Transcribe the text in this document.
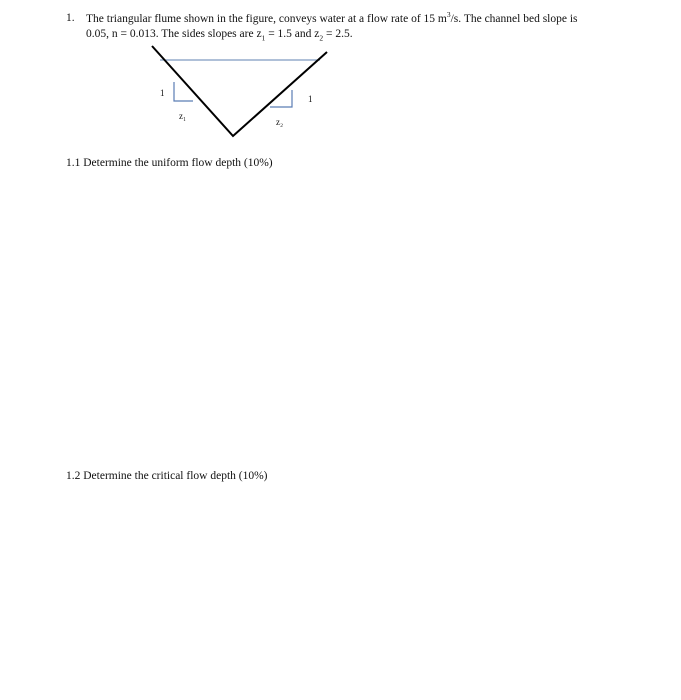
1. The triangular flume shown in the figure, conveys water at a flow rate of 15 $m^3/s$. The channel bed slope is
0.05, n = 0.013. The sides slopes are $z_1 = 1.5$ and $z_2 = 2.5$.
1
1
z₁
z₂
1.1 Determine the uniform flow depth (10%)
1.2 Determine the critical flow depth (10%)
